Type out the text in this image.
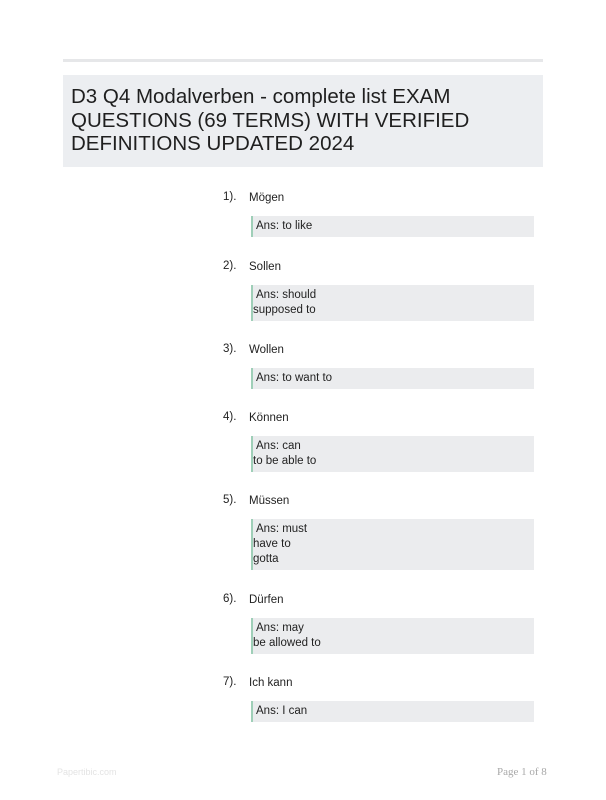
D3 Q4 Modalverben - complete list EXAM QUESTIONS (69 TERMS) WITH VERIFIED DEFINITIONS UPDATED 2024
1). Mögen
Ans: to like
2). Sollen
Ans: should
supposed to
3). Wollen
Ans: to want to
4). Können
Ans: can
to be able to
5). Müssen
Ans: must
have to
gotta
6). Dürfen
Ans: may
be allowed to
7). Ich kann
Ans: I can
Papertibic.com	Page 1 of 8
